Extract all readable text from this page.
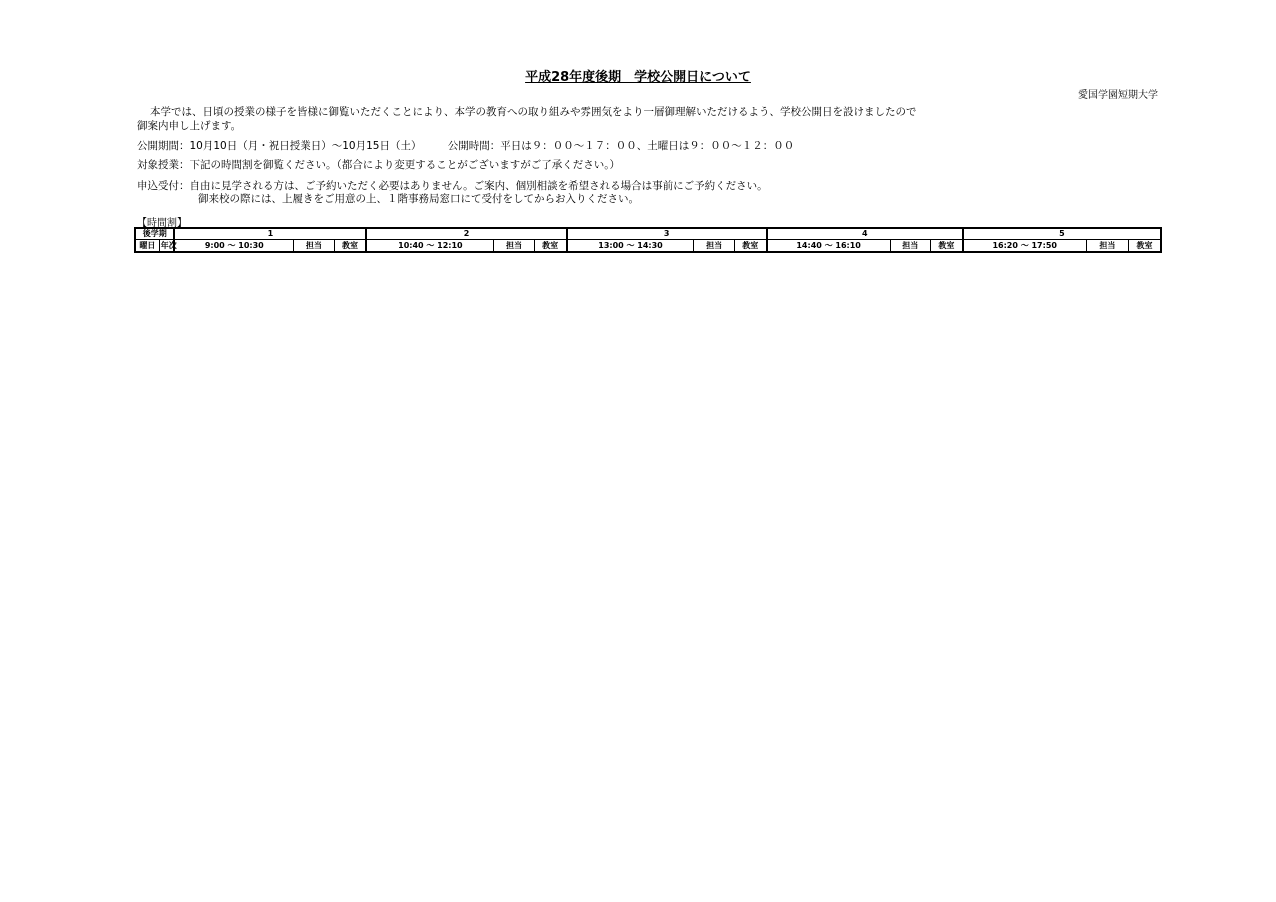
平成28年度後期　学校公開日について
愛国学園短期大学
本学では、日頃の授業の様子を皆様に御覧いただくことにより、本学の教育への取り組みや雰囲気をより一層御理解いただけるよう、学校公開日を設けましたので
御案内申し上げます。
公開期間：10月10日（月・祝日授業日）～10月15日（土）　　　公開時間：平日は９：００～１７：００、土曜日は９：００～１２：００
対象授業：下記の時間割を御覧ください。（都合により変更することがございますがご了承ください。）
申込受付：自由に見学される方は、ご予約いただく必要はありません。ご案内、個別相談を希望される場合は事前にご予約ください。
御来校の際には、上履きをご用意の上、１階事務局窓口にて受付をしてからお入りください。
【時間割】
後学期		1			2			3			4			5		
曜日	年次	9:00 ～ 10:30	担当	教室	10:40 ～ 12:10	担当	教室	13:00 ～ 14:30	担当	教室	14:40 ～ 16:10	担当	教室	16:20 ～ 17:50	担当	教室
